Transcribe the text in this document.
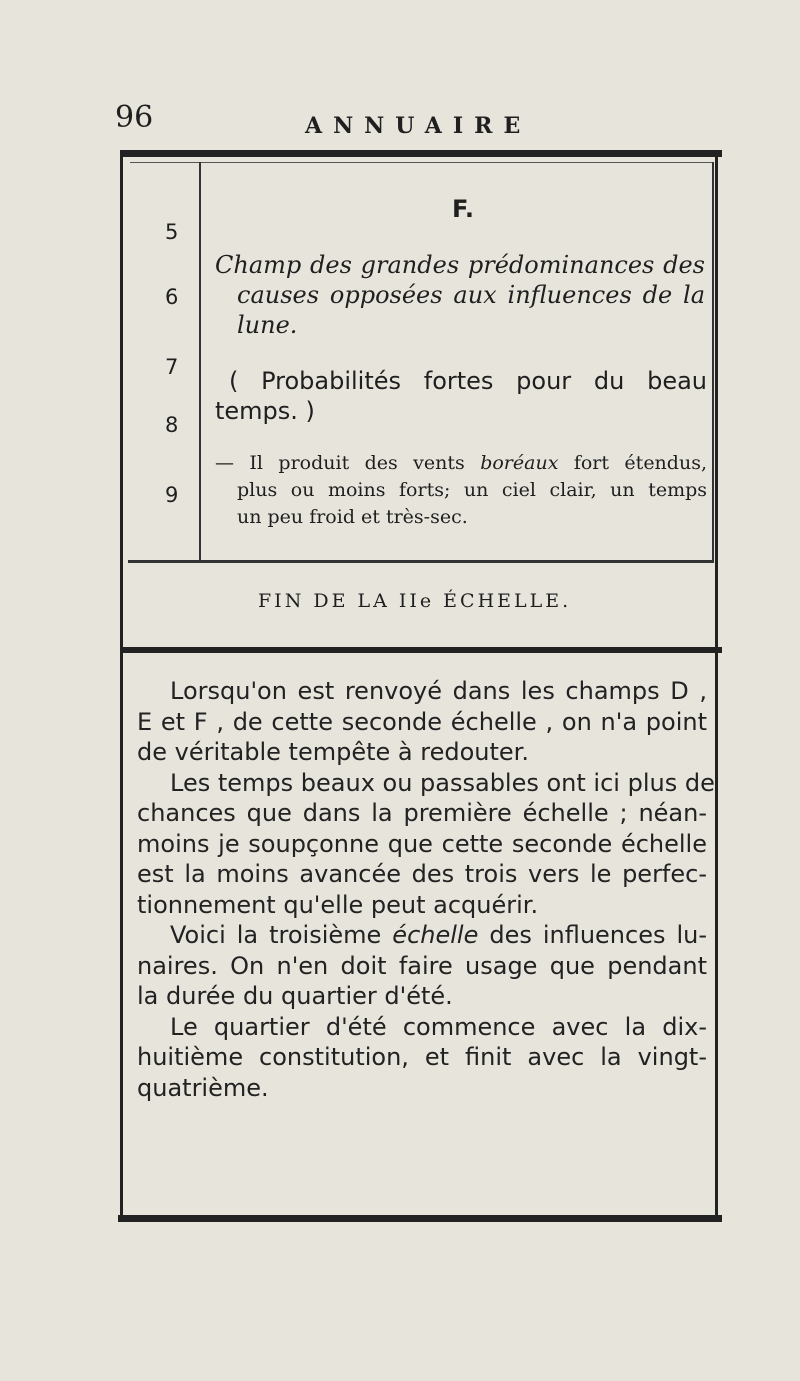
96	ANNUAIRE
5
6
7
8
9
F.
Champ des grandes prédominances des
causes opposées aux influences de la
lune.
( Probabilités fortes pour du beau
temps. )
— Il produit des vents boréaux fort étendus,
plus ou moins forts; un ciel clair, un temps
un peu froid et très-sec.
FIN DE LA IIe ÉCHELLE.
Lorsqu'on est renvoyé dans les champs D ,
E et F , de cette seconde échelle , on n'a point
de véritable tempête à redouter.
Les temps beaux ou passables ont ici plus de
chances que dans la première échelle ; néan-
moins je soupçonne que cette seconde échelle
est la moins avancée des trois vers le perfec-
tionnement qu'elle peut acquérir.
Voici la troisième échelle des influences lu-
naires. On n'en doit faire usage que pendant
la durée du quartier d'été.
Le quartier d'été commence avec la dix-
huitième constitution, et finit avec la vingt-
quatrième.
